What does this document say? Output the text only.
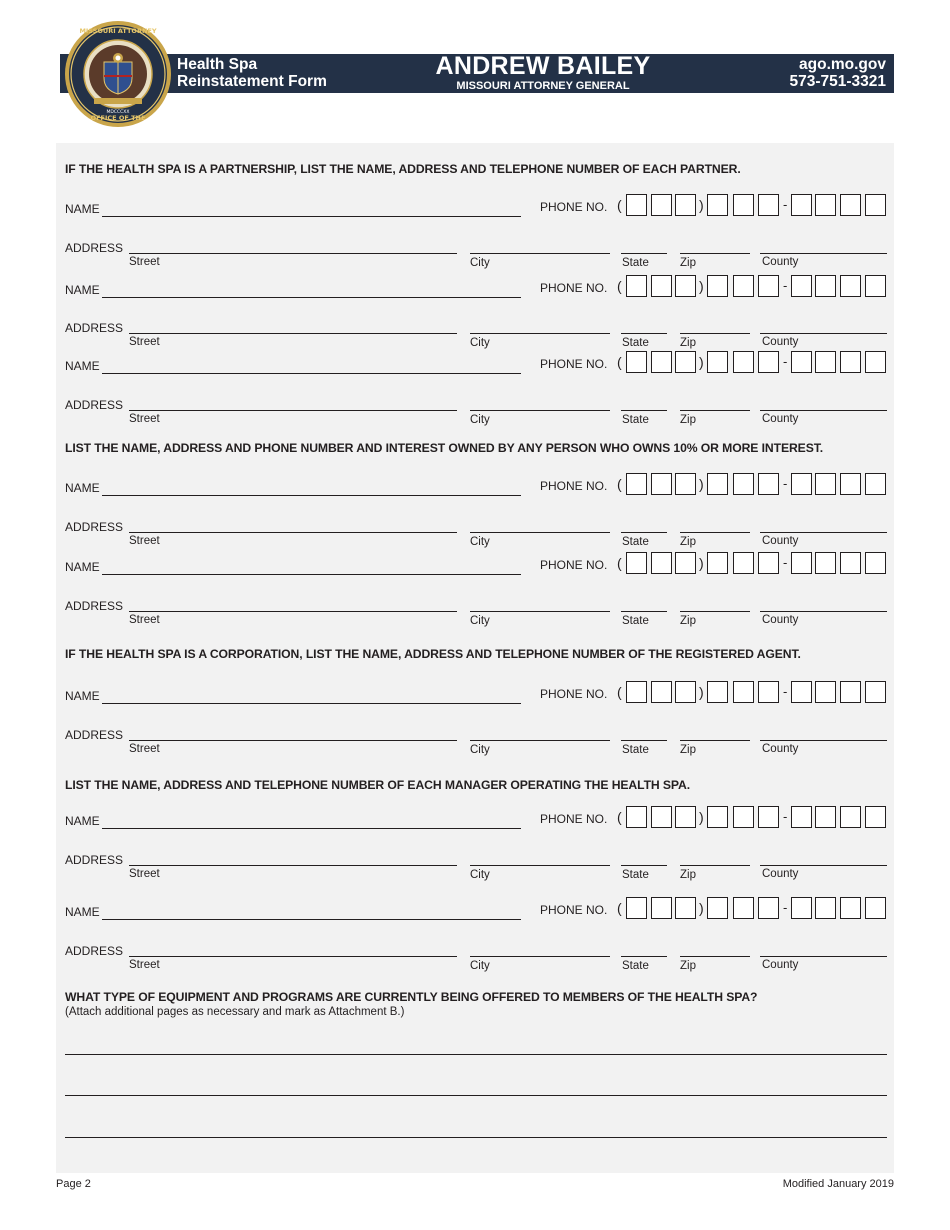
MISSOURI ATTORNEY
OFFICE OF THE
MDCCCXX
Health Spa
Reinstatement Form
ANDREW BAILEY
MISSOURI ATTORNEY GENERAL
ago.mo.gov
573-751-3321
IF THE HEALTH SPA IS A PARTNERSHIP, LIST THE NAME, ADDRESS AND TELEPHONE NUMBER OF EACH PARTNER.
NAME	PHONE NO. (	)	-
ADDRESS
Street	City	State	Zip	County
NAME	PHONE NO. (	)	-
ADDRESS
Street	City	State	Zip	County
NAME	PHONE NO. (	)	-
ADDRESS
Street	City	State	Zip	County
LIST THE NAME, ADDRESS AND PHONE NUMBER AND INTEREST OWNED BY ANY PERSON WHO OWNS 10% OR MORE INTEREST.
NAME	PHONE NO. (	)	-
ADDRESS
Street	City	State	Zip	County
NAME	PHONE NO. (	)	-
ADDRESS
Street	City	State	Zip	County
IF THE HEALTH SPA IS A CORPORATION, LIST THE NAME, ADDRESS AND TELEPHONE NUMBER OF THE REGISTERED AGENT.
NAME	PHONE NO. (	)	-
ADDRESS
Street	City	State	Zip	County
LIST THE NAME, ADDRESS AND TELEPHONE NUMBER OF EACH MANAGER OPERATING THE HEALTH SPA.
NAME	PHONE NO. (	)	-
ADDRESS
Street	City	State	Zip	County
NAME	PHONE NO. (	)	-
ADDRESS
Street	City	State	Zip	County
WHAT TYPE OF EQUIPMENT AND PROGRAMS ARE CURRENTLY BEING OFFERED TO MEMBERS OF THE HEALTH SPA?
(Attach additional pages as necessary and mark as Attachment B.)
Page 2	Modified January 2019
